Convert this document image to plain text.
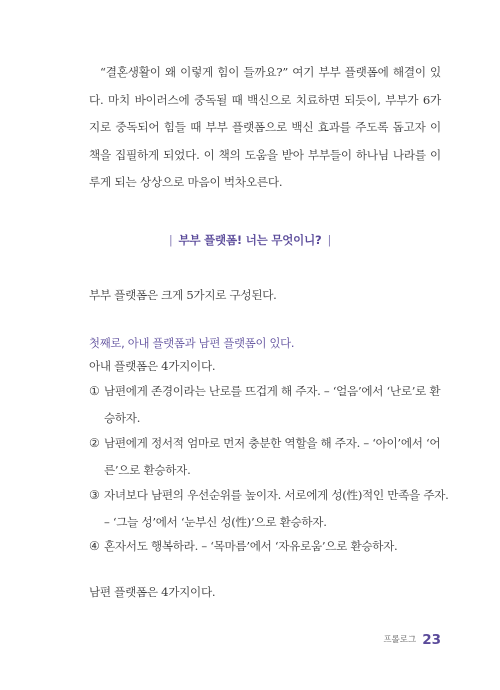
“결혼생활이 왜 이렇게 힘이 들까요?” 여기 부부 플랫폼에 해결이 있다. 마치 바이러스에 중독될 때 백신으로 치료하면 되듯이, 부부가 6가지로 중독되어 힘들 때 부부 플랫폼으로 백신 효과를 주도록 돕고자 이 책을 집필하게 되었다. 이 책의 도움을 받아 부부들이 하나님 나라를 이루게 되는 상상으로 마음이 벅차오른다.

| 부부 플랫폼! 너는 무엇이니? |

부부 플랫폼은 크게 5가지로 구성된다.

첫째로, 아내 플랫폼과 남편 플랫폼이 있다.

아내 플랫폼은 4가지이다.

① 남편에게 존경이라는 난로를 뜨겁게 해 주자. – ‘얼음’에서 ‘난로’로 환승하자.

② 남편에게 정서적 엄마로 먼저 충분한 역할을 해 주자. – ‘아이’에서 ‘어른’으로 환승하자.

③ 자녀보다 남편의 우선순위를 높이자. 서로에게 성(性)적인 만족을 주자. – ‘그늘 성’에서 ‘눈부신 성(性)’으로 환승하자.

④ 혼자서도 행복하라. – ‘목마름’에서 ‘자유로움’으로 환승하자.

남편 플랫폼은 4가지이다.

프롤로그 23
